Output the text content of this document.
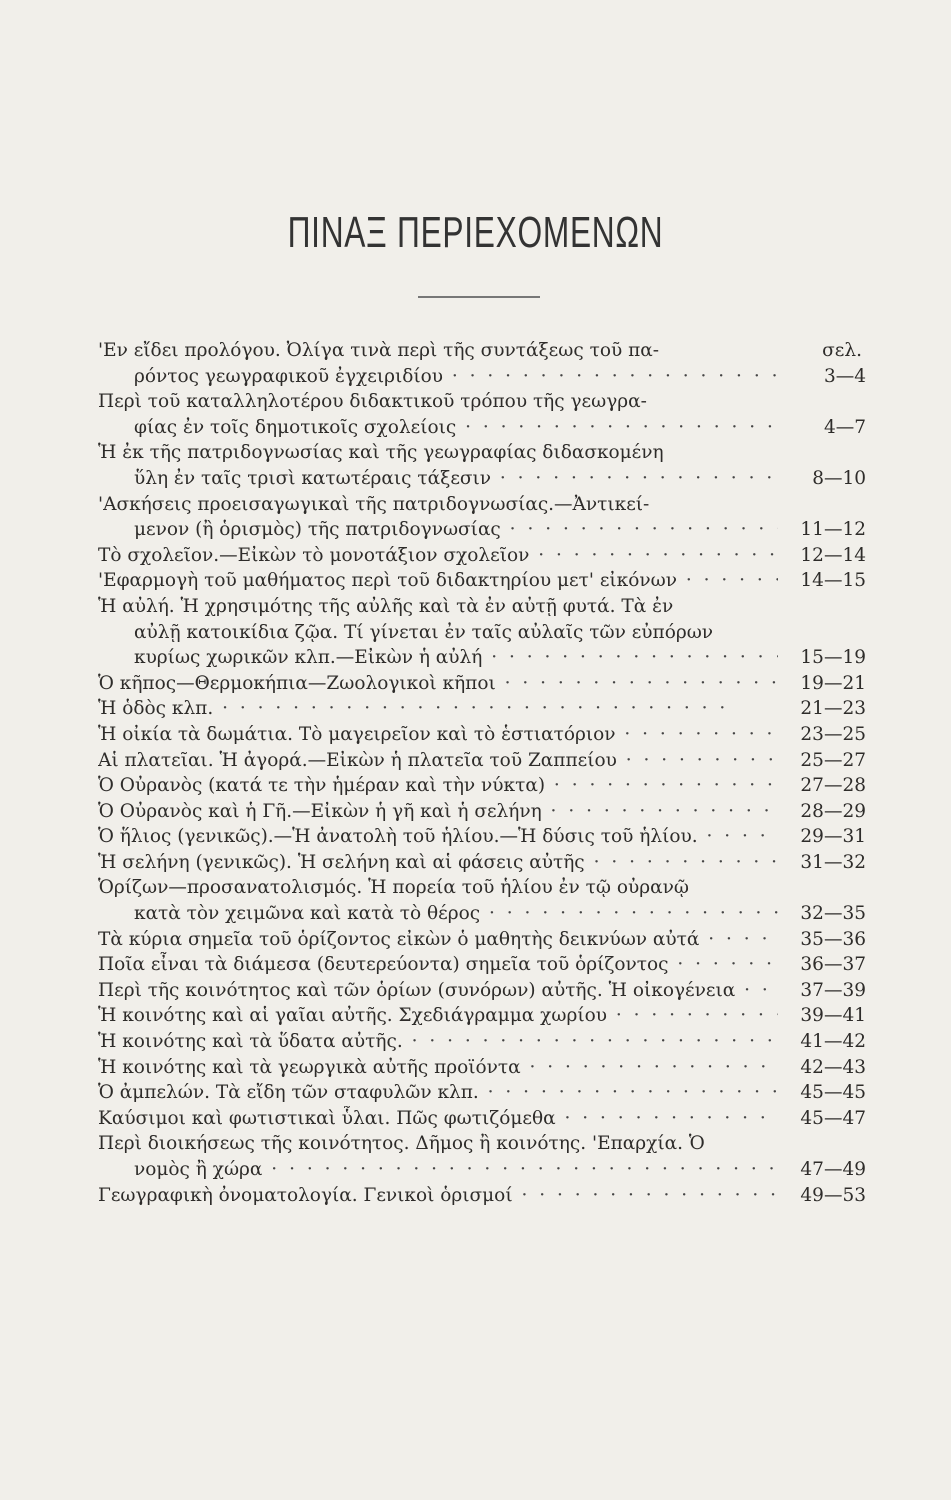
ΠΙΝΑΞ ΠΕΡΙΕΧΟΜΕΝΩΝ
σελ.
'Εν εἴδει προλόγου. Ὀλίγα τινὰ περὶ τῆς συντάξεως τοῦ πα-
ρόντος γεωγραφικοῦ ἐγχειριδίου · · ·	3—4
Περὶ τοῦ καταλληλοτέρου διδακτικοῦ τρόπου τῆς γεωγρα-
φίας ἐν τοῖς δημοτικοῖς σχολείοις · · ·	4—7
Ἡ ἐκ τῆς πατριδογνωσίας καὶ τῆς γεωγραφίας διδασκομένη
ὕλη ἐν ταῖς τρισὶ κατωτέραις τάξεσιν · · ·	8—10
'Ασκήσεις προεισαγωγικαὶ τῆς πατριδογνωσίας.—Ἀντικεί-
μενον (ἢ ὁρισμὸς) τῆς πατριδογνωσίας · · ·	11—12
Τὸ σχολεῖον.—Εἰκὼν τὸ μονοτάξιον σχολεῖον · · ·	12—14
'Εφαρμογὴ τοῦ μαθήματος περὶ τοῦ διδακτηρίου μετ' εἰκόνων · · ·	14—15
Ἡ αὐλή. Ἡ χρησιμότης τῆς αὐλῆς καὶ τὰ ἐν αὐτῇ φυτά. Τὰ ἐν
αὐλῇ κατοικίδια ζῷα. Τί γίνεται ἐν ταῖς αὐλαῖς τῶν εὐπόρων
κυρίως χωρικῶν κλπ.—Εἰκὼν ἡ αὐλή · · ·	15—19
Ὁ κῆπος—Θερμοκήπια—Ζωολογικοὶ κῆποι · · ·	19—21
Ἡ ὁδὸς κλπ. · · ·	21—23
Ἡ οἰκία τὰ δωμάτια. Τὸ μαγειρεῖον καὶ τὸ ἑστιατόριον · · ·	23—25
Αἱ πλατεῖαι. Ἡ ἀγορά.—Εἰκὼν ἡ πλατεῖα τοῦ Ζαππείου · · ·	25—27
Ὁ Οὐρανὸς (κατά τε τὴν ἡμέραν καὶ τὴν νύκτα) · · ·	27—28
Ὁ Οὐρανὸς καὶ ἡ Γῆ.—Εἰκὼν ἡ γῆ καὶ ἡ σελήνη · · ·	28—29
Ὁ ἥλιος (γενικῶς).—Ἡ ἀνατολὴ τοῦ ἡλίου.—Ἡ δύσις τοῦ ἡλίου. · · ·	29—31
Ἡ σελήνη (γενικῶς). Ἡ σελήνη καὶ αἱ φάσεις αὐτῆς · · ·	31—32
Ὁρίζων—προσανατολισμός. Ἡ πορεία τοῦ ἡλίου ἐν τῷ οὐρανῷ
κατὰ τὸν χειμῶνα καὶ κατὰ τὸ θέρος · · ·	32—35
Τὰ κύρια σημεῖα τοῦ ὁρίζοντος εἰκὼν ὁ μαθητὴς δεικνύων αὐτά · · ·	35—36
Ποῖα εἶναι τὰ διάμεσα (δευτερεύοντα) σημεῖα τοῦ ὁρίζοντος · · ·	36—37
Περὶ τῆς κοινότητος καὶ τῶν ὁρίων (συνόρων) αὐτῆς. Ἡ οἰκογένεια · · ·	37—39
Ἡ κοινότης καὶ αἱ γαῖαι αὐτῆς. Σχεδιάγραμμα χωρίου · · ·	39—41
Ἡ κοινότης καὶ τὰ ὕδατα αὐτῆς. · · ·	41—42
Ἡ κοινότης καὶ τὰ γεωργικὰ αὐτῆς προϊόντα · · ·	42—43
Ὁ ἀμπελών. Τὰ εἴδη τῶν σταφυλῶν κλπ. · · ·	45—45
Καύσιμοι καὶ φωτιστικαὶ ὗλαι. Πῶς φωτιζόμεθα · · ·	45—47
Περὶ διοικήσεως τῆς κοινότητος. Δῆμος ἢ κοινότης. 'Επαρχία. Ὁ
νομὸς ἢ χώρα · · ·	47—49
Γεωγραφικὴ ὀνοματολογία. Γενικοὶ ὁρισμοί · · ·	49—53
